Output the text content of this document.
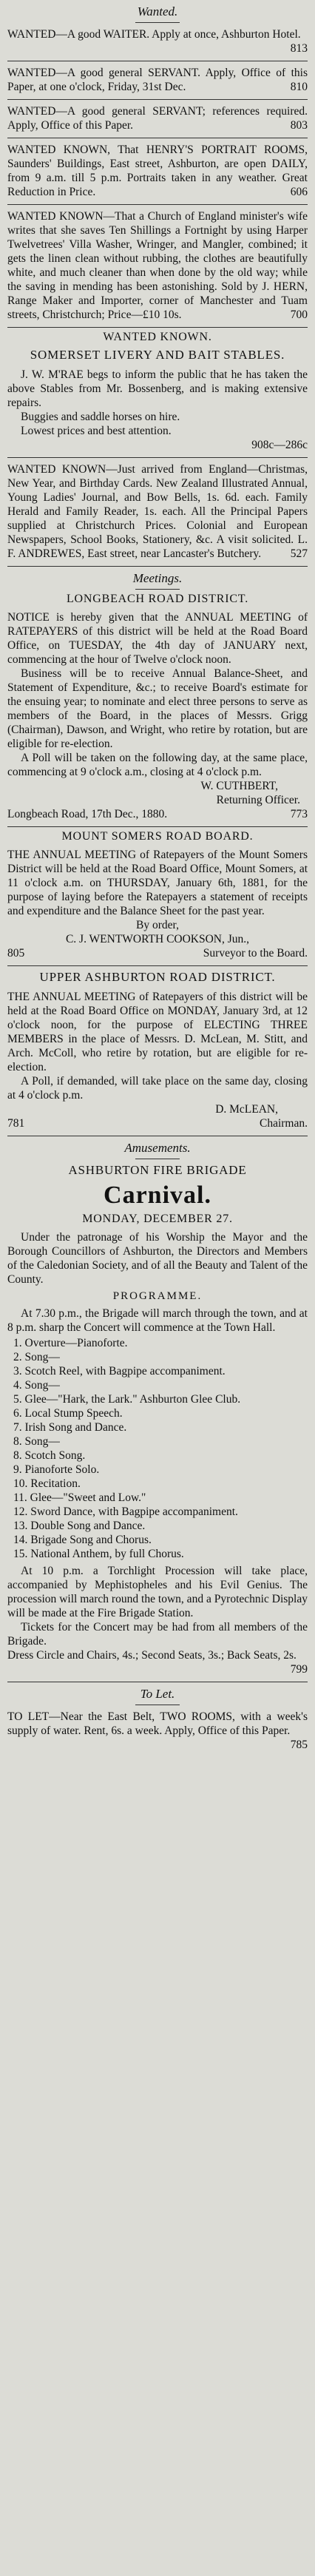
Wanted.

WANTED—A good WAITER. Apply at once, Ashburton Hotel.
813

WANTED—A good general SERVANT. Apply, Office of this Paper, at one o'clock, Friday, 31st Dec.	810

WANTED—A good general SERVANT; references required. Apply, Office of this Paper.	803

WANTED KNOWN, That HENRY'S PORTRAIT ROOMS, Saunders' Buildings, East street, Ashburton, are open DAILY, from 9 a.m. till 5 p.m. Portraits taken in any weather. Great Reduction in Price.	606

WANTED KNOWN—That a Church of England minister's wife writes that she saves Ten Shillings a Fortnight by using Harper Twelvetrees' Villa Washer, Wringer, and Mangler, combined; it gets the linen clean without rubbing, the clothes are beautifully white, and much cleaner than when done by the old way; while the saving in mending has been astonishing. Sold by J. HERN, Range Maker and Importer, corner of Manchester and Tuam streets, Christchurch; Price—£10 10s.	700

WANTED KNOWN.
SOMERSET LIVERY AND BAIT STABLES.

J. W. M'RAE begs to inform the public that he has taken the above Stables from Mr. Bossenberg, and is making extensive repairs.

Buggies and saddle horses on hire.

Lowest prices and best attention.

908c—286c

WANTED KNOWN—Just arrived from England—Christmas, New Year, and Birthday Cards. New Zealand Illustrated Annual, Young Ladies' Journal, and Bow Bells, 1s. 6d. each. Family Herald and Family Reader, 1s. each. All the Principal Papers supplied at Christchurch Prices. Colonial and European Newspapers, School Books, Stationery, &c. A visit solicited. L. F. ANDREWES, East street, near Lancaster's Butchery.	527

Meetings.
LONGBEACH ROAD DISTRICT.

NOTICE is hereby given that the ANNUAL MEETING of RATEPAYERS of this district will be held at the Road Board Office, on TUESDAY, the 4th day of JANUARY next, commencing at the hour of Twelve o'clock noon.

Business will be to receive Annual Balance-Sheet, and Statement of Expenditure, &c.; to receive Board's estimate for the ensuing year; to nominate and elect three persons to serve as members of the Board, in the places of Messrs. Grigg (Chairman), Dawson, and Wright, who retire by rotation, but are eligible for re-election.

A Poll will be taken on the following day, at the same place, commencing at 9 o'clock a.m., closing at 4 o'clock p.m.

W. CUTHBERT,

Returning Officer.

Longbeach Road, 17th Dec., 1880.	773

MOUNT SOMERS ROAD BOARD.

THE ANNUAL MEETING of Ratepayers of the Mount Somers District will be held at the Road Board Office, Mount Somers, at 11 o'clock a.m. on THURSDAY, January 6th, 1881, for the purpose of laying before the Ratepayers a statement of receipts and expenditure and the Balance Sheet for the past year.

By order,

C. J. WENTWORTH COOKSON, Jun.,

805	Surveyor to the Board.

UPPER ASHBURTON ROAD DISTRICT.

THE ANNUAL MEETING of Ratepayers of this district will be held at the Road Board Office on MONDAY, January 3rd, at 12 o'clock noon, for the purpose of ELECTING THREE MEMBERS in the place of Messrs. D. McLean, M. Stitt, and Arch. McColl, who retire by rotation, but are eligible for re-election.

A Poll, if demanded, will take place on the same day, closing at 4 o'clock p.m.

D. McLEAN,

781	Chairman.

Amusements.
ASHBURTON FIRE BRIGADE
Carnival.
MONDAY, DECEMBER 27.

Under the patronage of his Worship the Mayor and the Borough Councillors of Ashburton, the Directors and Members of the Caledonian Society, and of all the Beauty and Talent of the County.

PROGRAMME.

At 7.30 p.m., the Brigade will march through the town, and at 8 p.m. sharp the Concert will commence at the Town Hall.

1. Overture—Pianoforte.
2. Song—
3. Scotch Reel, with Bagpipe accompaniment.
4. Song—
5. Glee—"Hark, the Lark." Ashburton Glee Club.
6. Local Stump Speech.
7. Irish Song and Dance.
8. Song—
8. Scotch Song.
9. Pianoforte Solo.
10. Recitation.
11. Glee—"Sweet and Low."
12. Sword Dance, with Bagpipe accompaniment.
13. Double Song and Dance.
14. Brigade Song and Chorus.
15. National Anthem, by full Chorus.

At 10 p.m. a Torchlight Procession will take place, accompanied by Mephistopheles and his Evil Genius. The procession will march round the town, and a Pyrotechnic Display will be made at the Fire Brigade Station.

Tickets for the Concert may be had from all members of the Brigade.

Dress Circle and Chairs, 4s.; Second Seats, 3s.; Back Seats, 2s.
799

To Let.

TO LET—Near the East Belt, TWO ROOMS, with a week's supply of water. Rent, 6s. a week. Apply, Office of this Paper.
785
